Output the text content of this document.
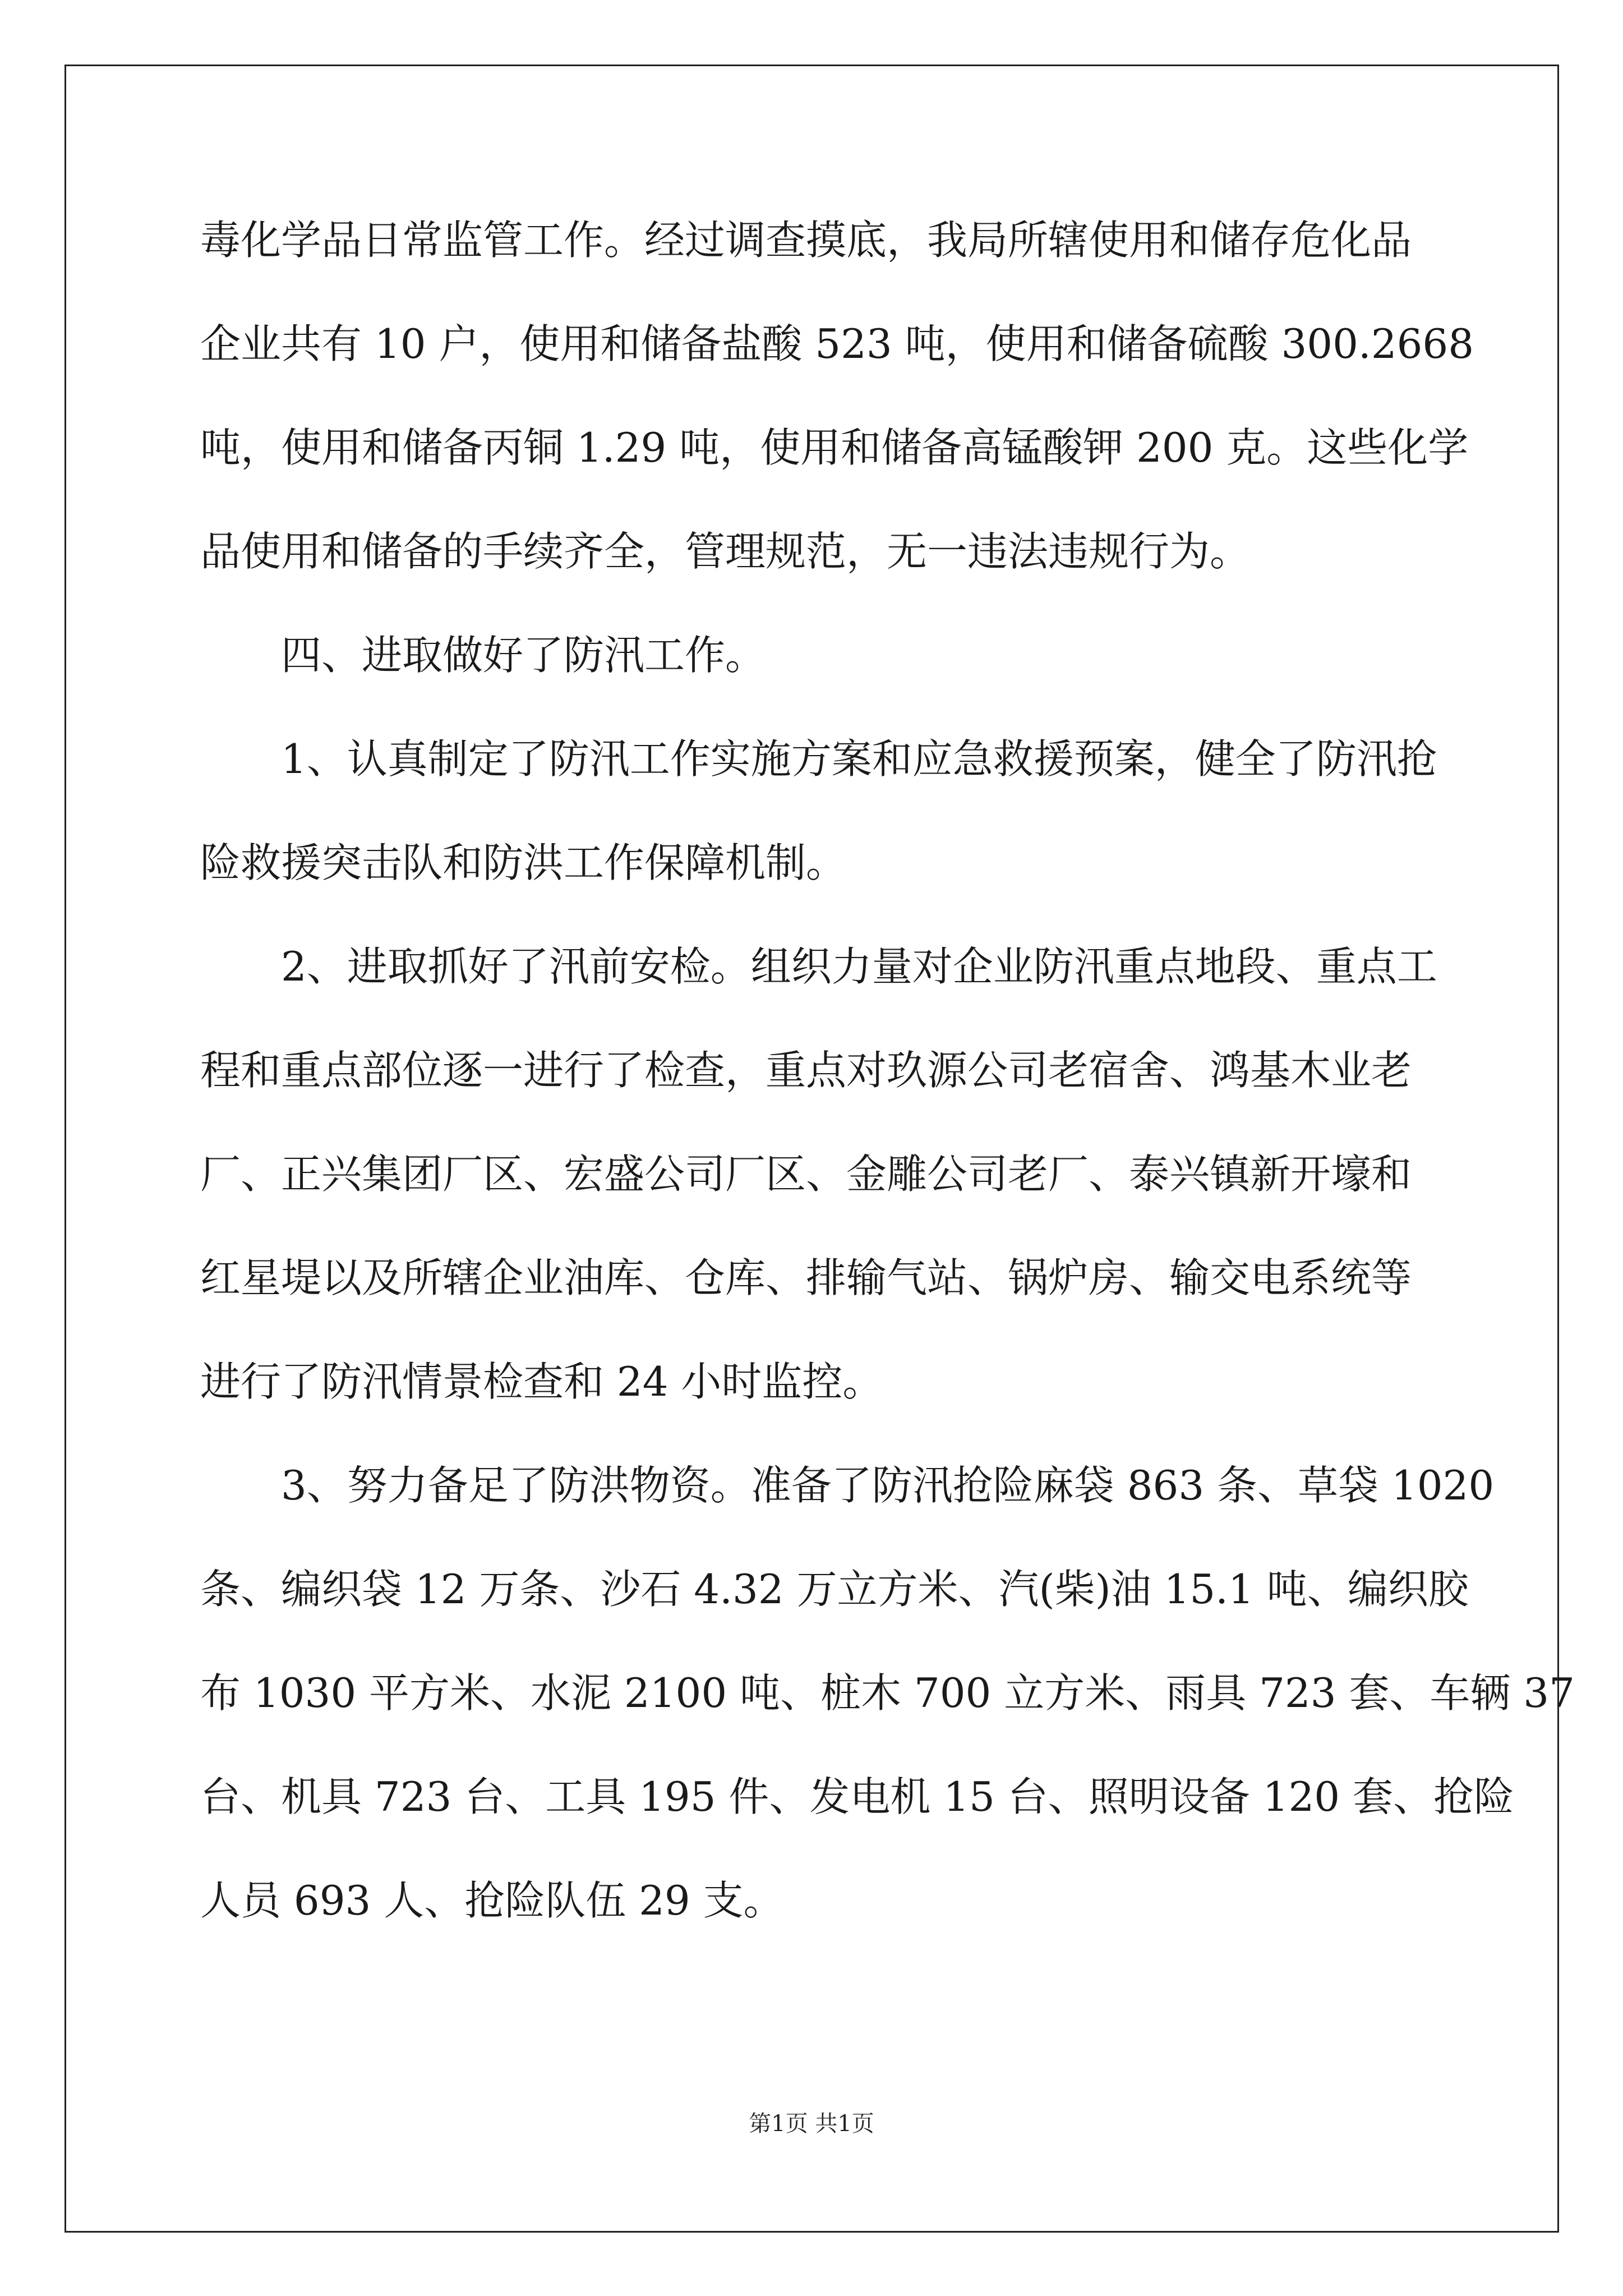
毒化学品日常监管工作。经过调查摸底，我局所辖使用和储存危化品
企业共有 10 户，使用和储备盐酸 523 吨，使用和储备硫酸 300.2668
吨，使用和储备丙铜 1.29 吨，使用和储备高锰酸钾 200 克。这些化学
品使用和储备的手续齐全，管理规范，无一违法违规行为。
四、进取做好了防汛工作。
1、认真制定了防汛工作实施方案和应急救援预案，健全了防汛抢
险救援突击队和防洪工作保障机制。
2、进取抓好了汛前安检。组织力量对企业防汛重点地段、重点工
程和重点部位逐一进行了检查，重点对玖源公司老宿舍、鸿基木业老
厂、正兴集团厂区、宏盛公司厂区、金雕公司老厂、泰兴镇新开壕和
红星堤以及所辖企业油库、仓库、排输气站、锅炉房、输交电系统等
进行了防汛情景检查和 24 小时监控。
3、努力备足了防洪物资。准备了防汛抢险麻袋 863 条、草袋 1020
条、编织袋 12 万条、沙石 4.32 万立方米、汽(柴)油 15.1 吨、编织胶
布 1030 平方米、水泥 2100 吨、桩木 700 立方米、雨具 723 套、车辆 37
台、机具 723 台、工具 195 件、发电机 15 台、照明设备 120 套、抢险
人员 693 人、抢险队伍 29 支。
第1页 共1页
